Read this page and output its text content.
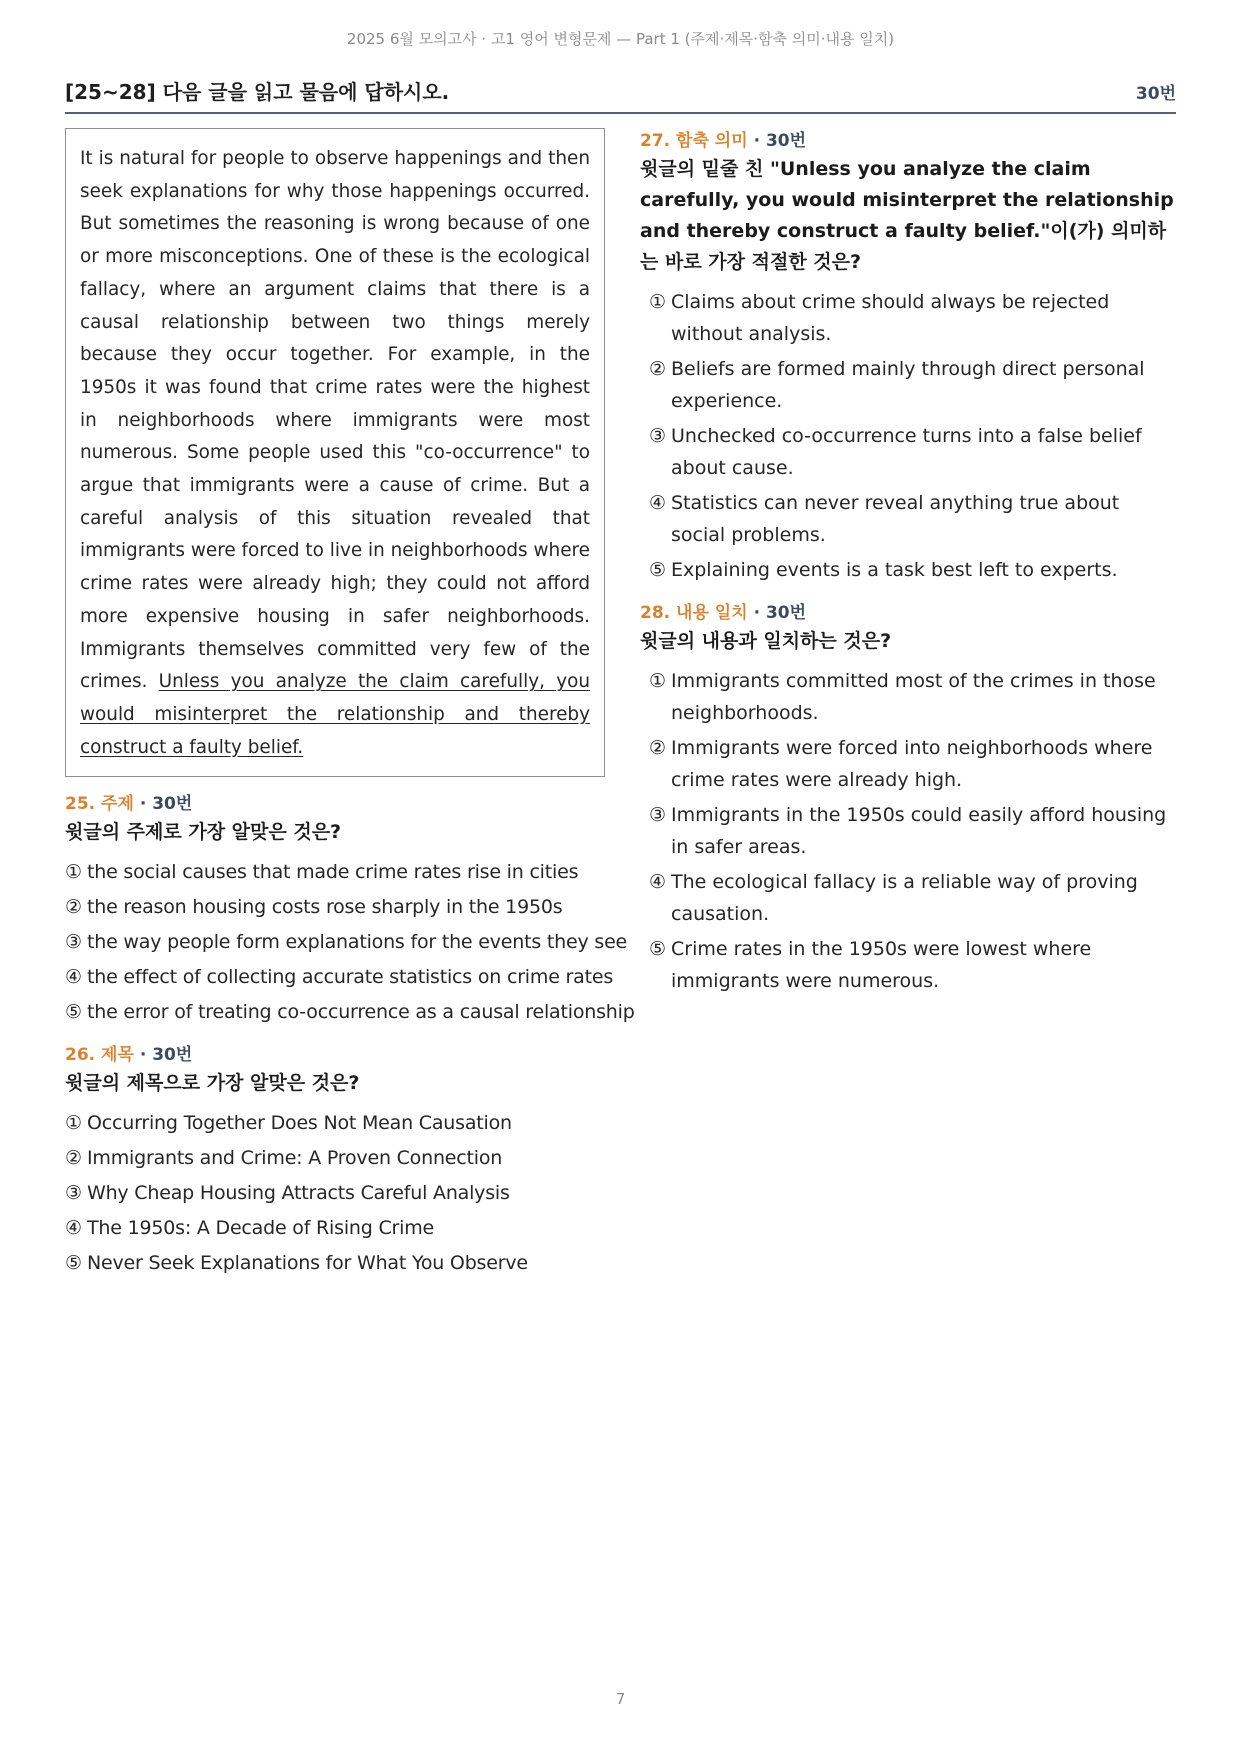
2025 6월 모의고사 · 고1 영어 변형문제 — Part 1 (주제·제목·함축 의미·내용 일치)
[25~28] 다음 글을 읽고 물음에 답하시오.	30번
It is natural for people to observe happenings and then seek explanations for why those happenings occurred. But sometimes the reasoning is wrong because of one or more misconceptions. One of these is the ecological fallacy, where an argument claims that there is a causal relationship between two things merely because they occur together. For example, in the 1950s it was found that crime rates were the highest in neighborhoods where immigrants were most numerous. Some people used this "co-occurrence" to argue that immigrants were a cause of crime. But a careful analysis of this situation revealed that immigrants were forced to live in neighborhoods where crime rates were already high; they could not afford more expensive housing in safer neighborhoods. Immigrants themselves committed very few of the crimes. Unless you analyze the claim carefully, you would misinterpret the relationship and thereby construct a faulty belief.
25. 주제 · 30번
윗글의 주제로 가장 알맞은 것은?
① the social causes that made crime rates rise in cities
② the reason housing costs rose sharply in the 1950s
③ the way people form explanations for the events they see
④ the effect of collecting accurate statistics on crime rates
⑤ the error of treating co-occurrence as a causal relationship
26. 제목 · 30번
윗글의 제목으로 가장 알맞은 것은?
① Occurring Together Does Not Mean Causation
② Immigrants and Crime: A Proven Connection
③ Why Cheap Housing Attracts Careful Analysis
④ The 1950s: A Decade of Rising Crime
⑤ Never Seek Explanations for What You Observe
27. 함축 의미 · 30번
윗글의 밑줄 친 "Unless you analyze the claim carefully, you would misinterpret the relationship and thereby construct a faulty belief."이(가) 의미하는 바로 가장 적절한 것은?
① Claims about crime should always be rejected without analysis.
② Beliefs are formed mainly through direct personal experience.
③ Unchecked co-occurrence turns into a false belief about cause.
④ Statistics can never reveal anything true about social problems.
⑤ Explaining events is a task best left to experts.
28. 내용 일치 · 30번
윗글의 내용과 일치하는 것은?
① Immigrants committed most of the crimes in those neighborhoods.
② Immigrants were forced into neighborhoods where crime rates were already high.
③ Immigrants in the 1950s could easily afford housing in safer areas.
④ The ecological fallacy is a reliable way of proving causation.
⑤ Crime rates in the 1950s were lowest where immigrants were numerous.
7
